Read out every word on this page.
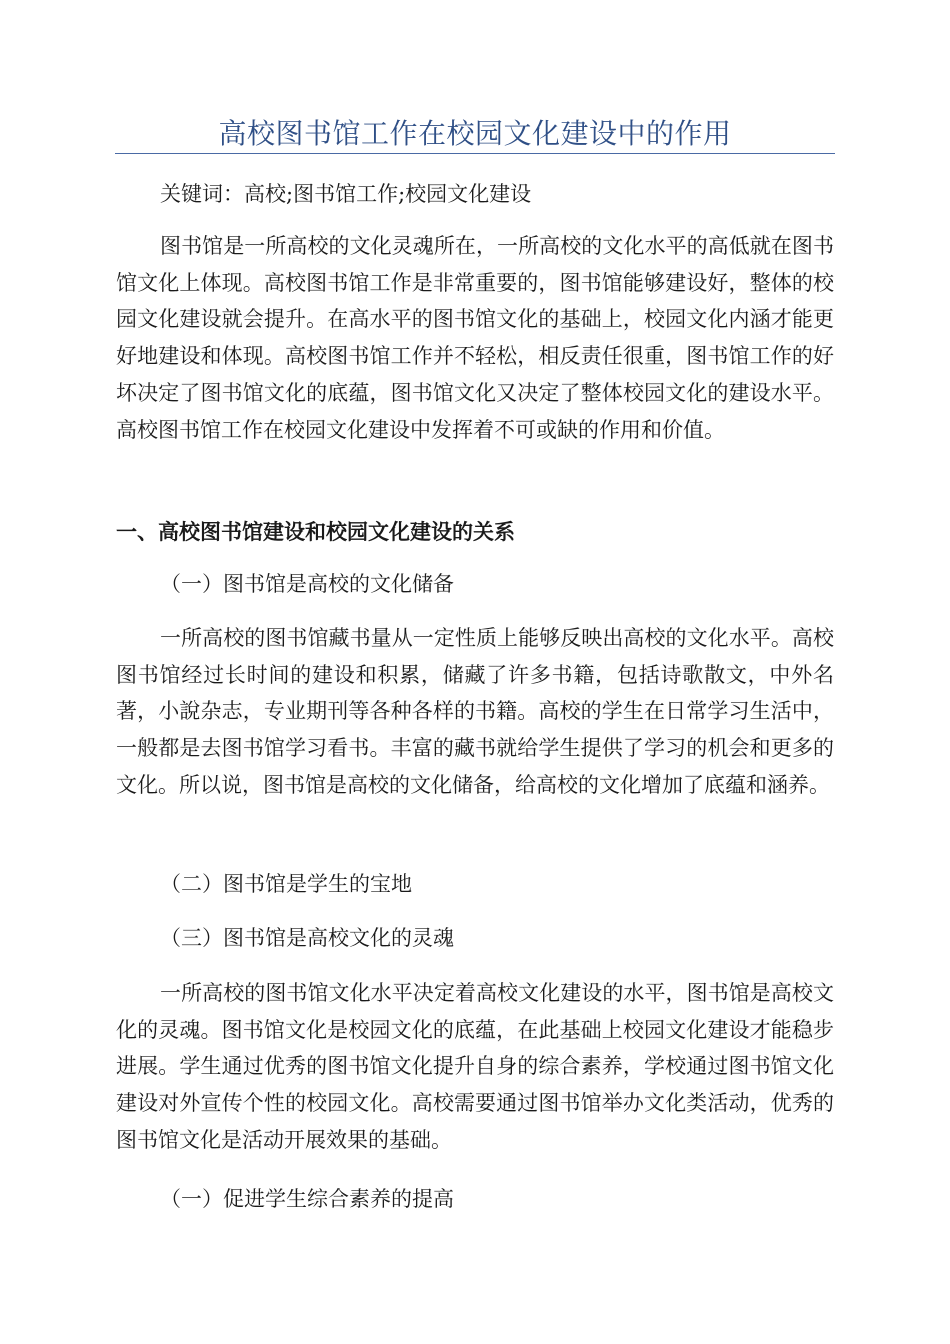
高校图书馆工作在校园文化建设中的作用
关键词：高校;图书馆工作;校园文化建设

图书馆是一所高校的文化灵魂所在，一所高校的文化水平的高低就在图书馆文化上体现。高校图书馆工作是非常重要的，图书馆能够建设好，整体的校园文化建设就会提升。在高水平的图书馆文化的基础上，校园文化内涵才能更好地建设和体现。高校图书馆工作并不轻松，相反责任很重，图书馆工作的好坏决定了图书馆文化的底蕴，图书馆文化又决定了整体校园文化的建设水平。高校图书馆工作在校园文化建设中发挥着不可或缺的作用和价值。

一、高校图书馆建设和校园文化建设的关系
（一）图书馆是高校的文化储备

一所高校的图书馆藏书量从一定性质上能够反映出高校的文化水平。高校图书馆经过长时间的建设和积累，储藏了许多书籍，包括诗歌散文，中外名著，小說杂志，专业期刊等各种各样的书籍。高校的学生在日常学习生活中，一般都是去图书馆学习看书。丰富的藏书就给学生提供了学习的机会和更多的文化。所以说，图书馆是高校的文化储备，给高校的文化增加了底蕴和涵养。

（二）图书馆是学生的宝地
（三）图书馆是高校文化的灵魂

一所高校的图书馆文化水平决定着高校文化建设的水平，图书馆是高校文化的灵魂。图书馆文化是校园文化的底蕴，在此基础上校园文化建设才能稳步进展。学生通过优秀的图书馆文化提升自身的综合素养，学校通过图书馆文化建设对外宣传个性的校园文化。高校需要通过图书馆举办文化类活动，优秀的图书馆文化是活动开展效果的基础。

（一）促进学生综合素养的提高
